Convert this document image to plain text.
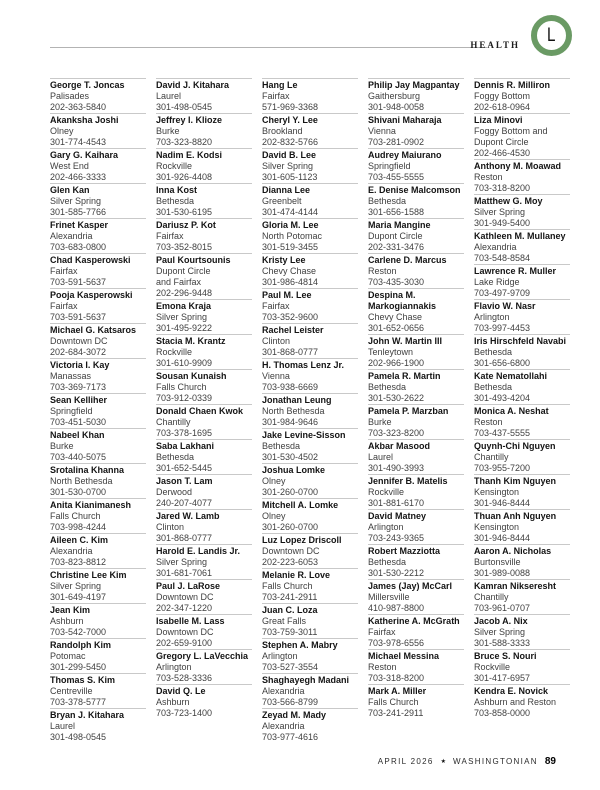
HEALTH L
George T. Joncas
Palisades
202-363-5840
Akanksha Joshi
Olney
301-774-4543
Gary G. Kaihara
West End
202-466-3333
Glen Kan
Silver Spring
301-585-7766
Frinet Kasper
Alexandria
703-683-0800
Chad Kasperowski
Fairfax
703-591-5637
Pooja Kasperowski
Fairfax
703-591-5637
Michael G. Katsaros
Downtown DC
202-684-3072
Victoria I. Kay
Manassas
703-369-7173
Sean Kelliher
Springfield
703-451-5030
Nabeel Khan
Burke
703-440-5075
Srotalina Khanna
North Bethesda
301-530-0700
Anita Kianimanesh
Falls Church
703-998-4244
Aileen C. Kim
Alexandria
703-823-8812
Christine Lee Kim
Silver Spring
301-649-4197
Jean Kim
Ashburn
703-542-7000
Randolph Kim
Potomac
301-299-5450
Thomas S. Kim
Centreville
703-378-5777
Bryan J. Kitahara
Laurel
301-498-0545
David J. Kitahara
Laurel
301-498-0545
Jeffrey I. Klioze
Burke
703-323-8820
Nadim E. Kodsi
Rockville
301-926-4408
Inna Kost
Bethesda
301-530-6195
Dariusz P. Kot
Fairfax
703-352-8015
Paul Kourtsounis
Dupont Circle
and Fairfax
202-296-9448
Emona Kraja
Silver Spring
301-495-9222
Stacia M. Krantz
Rockville
301-610-9909
Sousan Kunaish
Falls Church
703-912-0339
Donald Chaen Kwok
Chantilly
703-378-1695
Saba Lakhani
Bethesda
301-652-5445
Jason T. Lam
Derwood
240-207-4077
Jared W. Lamb
Clinton
301-868-0777
Harold E. Landis Jr.
Silver Spring
301-681-7061
Paul J. LaRose
Downtown DC
202-347-1220
Isabelle M. Lass
Downtown DC
202-659-9100
Gregory L. LaVecchia
Arlington
703-528-3336
David Q. Le
Ashburn
703-723-1400
Hang Le
Fairfax
571-969-3368
Cheryl Y. Lee
Brookland
202-832-5766
David B. Lee
Silver Spring
301-605-1123
Dianna Lee
Greenbelt
301-474-4144
Gloria M. Lee
North Potomac
301-519-3455
Kristy Lee
Chevy Chase
301-986-4814
Paul M. Lee
Fairfax
703-352-9600
Rachel Leister
Clinton
301-868-0777
H. Thomas Lenz Jr.
Vienna
703-938-6669
Jonathan Leung
North Bethesda
301-984-9646
Jake Levine-Sisson
Bethesda
301-530-4502
Joshua Lomke
Olney
301-260-0700
Mitchell A. Lomke
Olney
301-260-0700
Luz Lopez Driscoll
Downtown DC
202-223-6053
Melanie R. Love
Falls Church
703-241-2911
Juan C. Loza
Great Falls
703-759-3011
Stephen A. Mabry
Arlington
703-527-3554
Shaghayegh Madani
Alexandria
703-566-8799
Zeyad M. Mady
Alexandria
703-977-4616
Philip Jay Magpantay
Gaithersburg
301-948-0058
Shivani Maharaja
Vienna
703-281-0902
Audrey Maiurano
Springfield
703-455-5555
E. Denise Malcomson
Bethesda
301-656-1588
Maria Mangine
Dupont Circle
202-331-3476
Carlene D. Marcus
Reston
703-435-3030
Despina M.
Markogiannakis
Chevy Chase
301-652-0656
John W. Martin III
Tenleytown
202-966-1900
Pamela R. Martin
Bethesda
301-530-2622
Pamela P. Marzban
Burke
703-323-8200
Akbar Masood
Laurel
301-490-3993
Jennifer B. Matelis
Rockville
301-881-6170
David Matney
Arlington
703-243-9365
Robert Mazziotta
Bethesda
301-530-2212
James (Jay) McCarl
Millersville
410-987-8800
Katherine A. McGrath
Fairfax
703-978-6556
Michael Messina
Reston
703-318-8200
Mark A. Miller
Falls Church
703-241-2911
Dennis R. Milliron
Foggy Bottom
202-618-0964
Liza Minovi
Foggy Bottom and
Dupont Circle
202-466-4530
Anthony M. Moawad
Reston
703-318-8200
Matthew G. Moy
Silver Spring
301-949-5400
Kathleen M. Mullaney
Alexandria
703-548-8584
Lawrence R. Muller
Lake Ridge
703-497-9709
Flavio W. Nasr
Arlington
703-997-4453
Iris Hirschfeld Navabi
Bethesda
301-656-6800
Kate Nematollahi
Bethesda
301-493-4204
Monica A. Neshat
Reston
703-437-5555
Quynh-Chi Nguyen
Chantilly
703-955-7200
Thanh Kim Nguyen
Kensington
301-946-8444
Thuan Anh Nguyen
Kensington
301-946-8444
Aaron A. Nicholas
Burtonsville
301-989-0088
Kamran Nikseresht
Chantilly
703-961-0707
Jacob A. Nix
Silver Spring
301-588-3333
Bruce S. Nouri
Rockville
301-417-6957
Kendra E. Novick
Ashburn and Reston
703-858-0000
APRIL 2026 ★ WASHINGTONIAN 89
